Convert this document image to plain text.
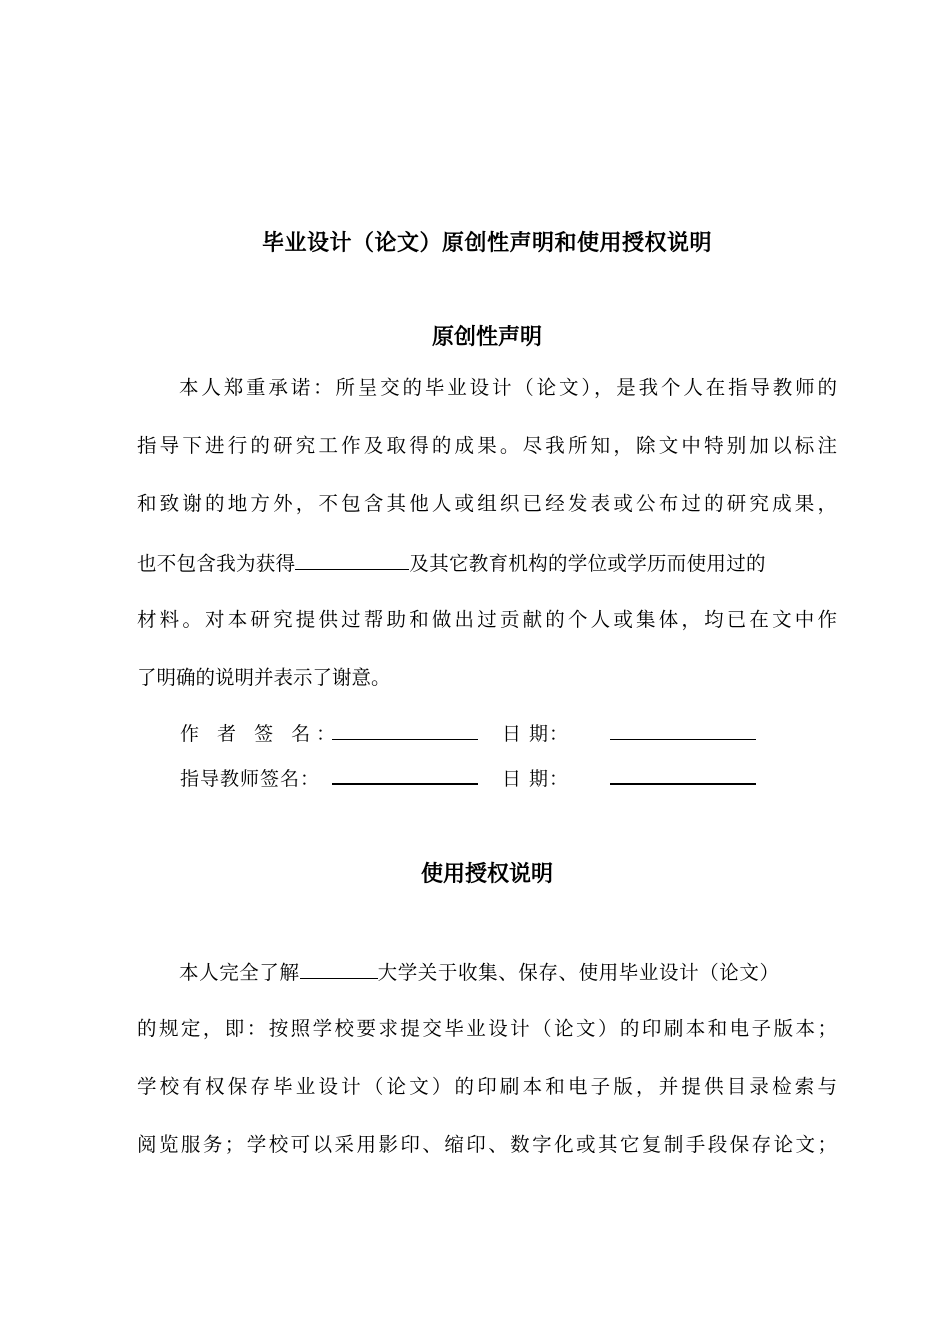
毕业设计（论文）原创性声明和使用授权说明
原创性声明
本人郑重承诺：所呈交的毕业设计（论文），是我个人在指导教师的
指导下进行的研究工作及取得的成果。尽我所知，除文中特别加以标注
和致谢的地方外，不包含其他人或组织已经发表或公布过的研究成果，
也不包含我为获得	及其它教育机构的学位或学历而使用过的
材料。对本研究提供过帮助和做出过贡献的个人或集体，均已在文中作
了明确的说明并表示了谢意。
作 者 签 名：	日 期：
指导教师签名：	日 期：
使用授权说明
本人完全了解	大学关于收集、保存、使用毕业设计（论文）
的规定，即：按照学校要求提交毕业设计（论文）的印刷本和电子版本；
学校有权保存毕业设计（论文）的印刷本和电子版，并提供目录检索与
阅览服务；学校可以采用影印、缩印、数字化或其它复制手段保存论文；
